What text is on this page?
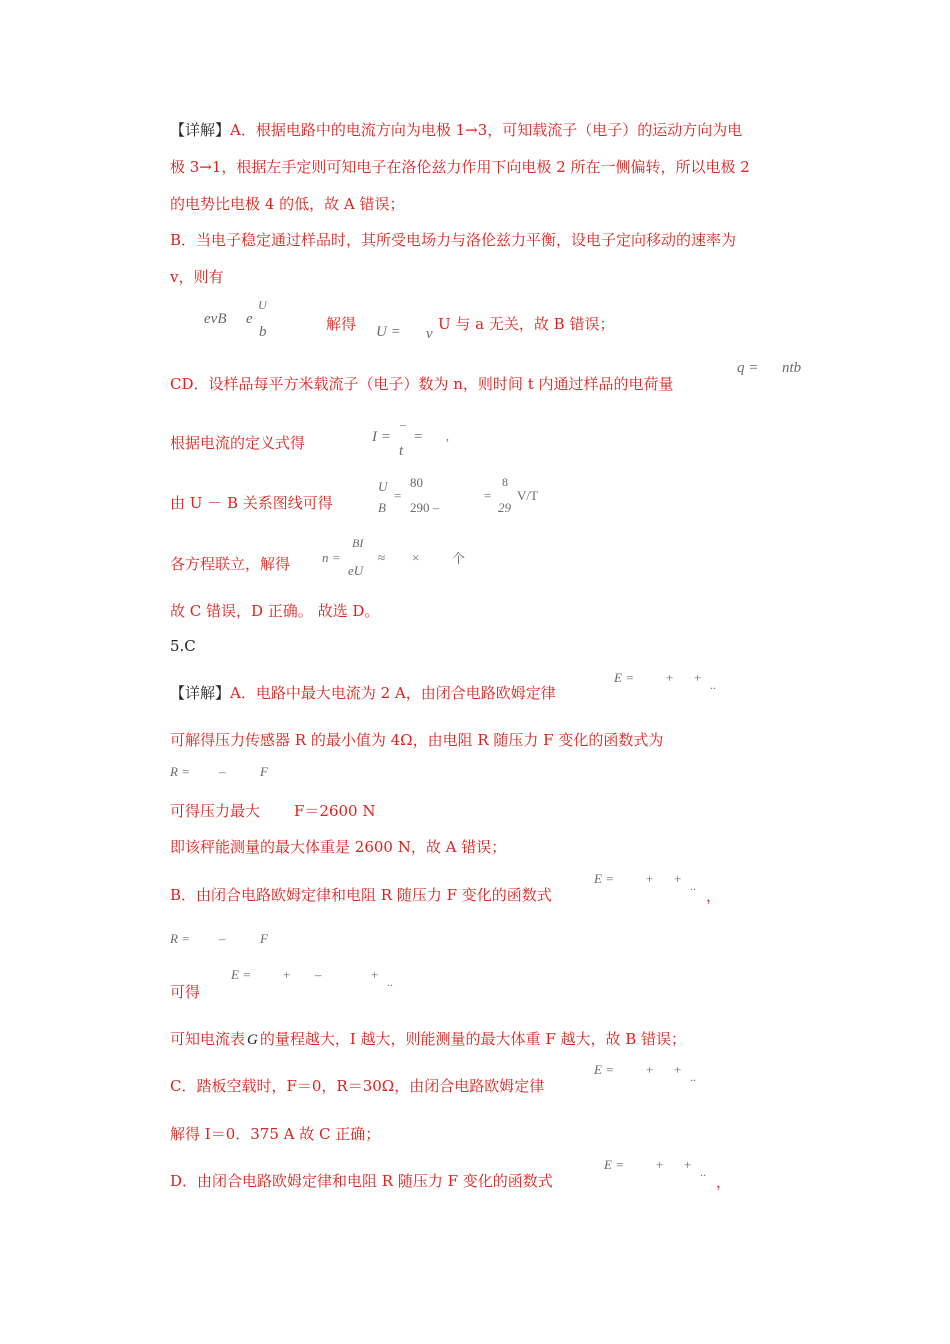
【详解】A．根据电路中的电流方向为电极 1→3，可知载流子（电子）的运动方向为电
极 3→1，根据左手定则可知电子在洛伦兹力作用下向电极 2 所在一侧偏转，所以电极 2
的电势比电极 4 的低，故 A 错误；
B．当电子稳定通过样品时，其所受电场力与洛伦兹力平衡，设电子定向移动的速率为
v，则有
evB e
U
b	解得 U = v
U 与 a 无关，故 B 错误；
CD．设样品每平方米载流子（电子）数为 n，则时间 t 内通过样品的电荷量
q = ntb
根据电流的定义式得	I =
–
t
= ,
由 U － B 关系图线可得
U
B
=
80
290 –
=
8
29
V/T
各方程联立，解得 n =
BI
eU
≈ ×	个
故 C 错误，D 正确。 故选 D。
5.C
【详解】A．电路中最大电流为 2 A，由闭合电路欧姆定律
E = + + ..
可解得压力传感器 R 的最小值为 4Ω，由电阻 R 随压力 F 变化的函数式为
R = –	F
可得压力最大 F＝2600 N
即该秤能测量的最大体重是 2600 N，故 A 错误；
B．由闭合电路欧姆定律和电阻 R 随压力 F 变化的函数式
E = + + ..
，
R = –	F
可得
E = + –	+ ..
可知电流表 G 的量程越大，I 越大，则能测量的最大体重 F 越大，故 B 错误；
C．踏板空载时，F＝0，R＝30Ω，由闭合电路欧姆定律
E = + + ..
解得 I＝0．375 A 故 C 正确；
D．由闭合电路欧姆定律和电阻 R 随压力 F 变化的函数式
E = + + ..
，
